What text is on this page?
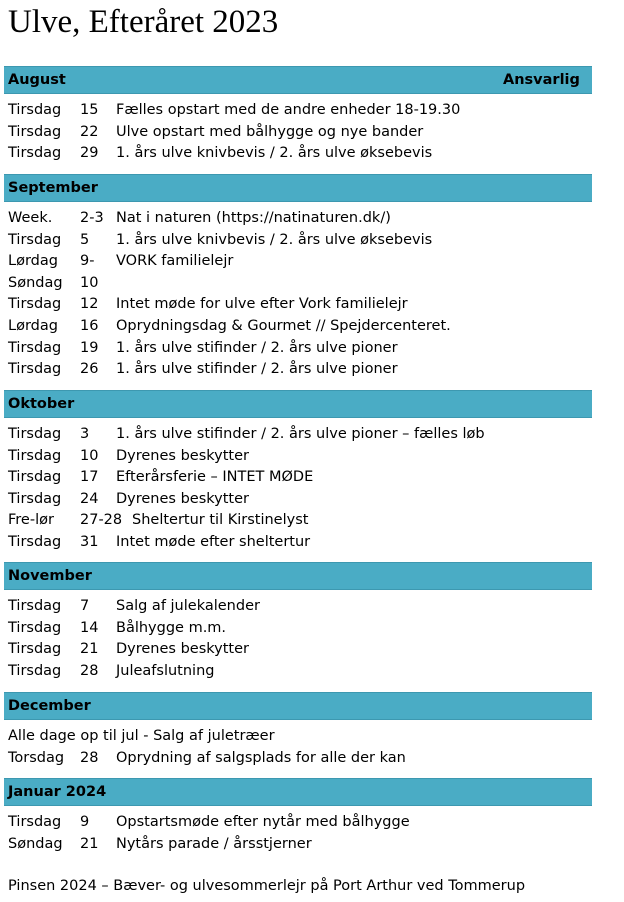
Ulve, Efteråret 2023
August	Ansvarlig
Tirsdag 15 Fælles opstart med de andre enheder 18-19.30
Tirsdag 22 Ulve opstart med bålhygge og nye bander
Tirsdag 29 1. års ulve knivbevis / 2. års ulve øksebevis
September
Week. 2-3 Nat i naturen (https://natinaturen.dk/)
Tirsdag 5 1. års ulve knivbevis / 2. års ulve øksebevis
Lørdag 9- VORK familielejr
Søndag 10
Tirsdag 12 Intet møde for ulve efter Vork familielejr
Lørdag 16 Oprydningsdag & Gourmet // Spejdercenteret.
Tirsdag 19 1. års ulve stifinder / 2. års ulve pioner
Tirsdag 26 1. års ulve stifinder / 2. års ulve pioner
Oktober
Tirsdag 3 1. års ulve stifinder / 2. års ulve pioner – fælles løb
Tirsdag 10 Dyrenes beskytter
Tirsdag 17 Efterårsferie – INTET MØDE
Tirsdag 24 Dyrenes beskytter
Fre-lør 27-28 Sheltertur til Kirstinelyst
Tirsdag 31 Intet møde efter sheltertur
November
Tirsdag 7 Salg af julekalender
Tirsdag 14 Bålhygge m.m.
Tirsdag 21 Dyrenes beskytter
Tirsdag 28 Juleafslutning
December
Alle dage op til jul - Salg af juletræer
Torsdag 28 Oprydning af salgsplads for alle der kan
Januar 2024
Tirsdag 9 Opstartsmøde efter nytår med bålhygge
Søndag 21 Nytårs parade / årsstjerner
Pinsen 2024 – Bæver- og ulvesommerlejr på Port Arthur ved Tommerup
